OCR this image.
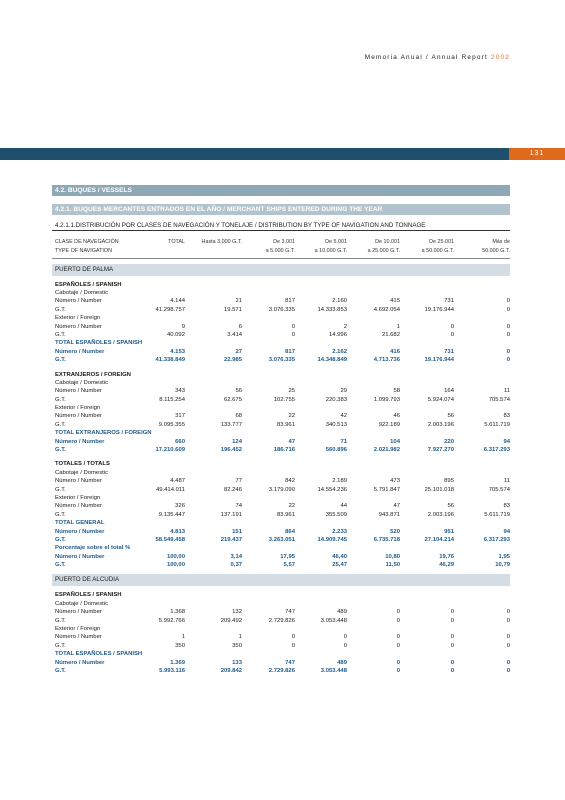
Memoria Anual / Annual Report 2002
131
4.2. BUQUES / VESSELS
4.2.1. BUQUES MERCANTES ENTRADOS EN EL AÑO / MERCHANT SHIPS ENTERED DURING THE YEAR
4.2.1.1.DISTRIBUCIÓN POR CLASES DE NAVEGACIÓN Y TONELAJE / DISTRIBUTION BY TYPE OF NAVIGATION AND TONNAGE
CLASE DE NAVEGACIÓN	TOTAL	Hasta 3.000 G.T.	De 3.001	De 5.001	De 10.001	De 25.001	Más de
TYPE OF NAVIGATION	a 5.000 G.T.	a 10.000 G.T.	a 25.000 G.T.	a 50.000 G.T.	50.000 G.T.
PUERTO DE PALMA
ESPAÑOLES / SPANISH
Cabotaje / Domestic
Número / Number	4.144	21	817	2.160	415	731	0
G.T.	41.298.757	19.571	3.076.335	14.333.853	4.692.054	19.176.944	0
Exterior / Foreign
Número / Number	9	6	0	2	1	0	0
G.T.	40.092	3.414	0	14.996	21.682	0	0
TOTAL ESPAÑOLES / SPANISH
Número / Number	4.153	27	817	2.162	416	731	0
G.T.	41.338.849	22.985	3.076.335	14.348.849	4.713.736	19.176.944	0
EXTRANJEROS / FOREIGN
Cabotaje / Domestic
Número / Number	343	56	25	29	58	164	11
G.T.	8.115.254	62.675	102.755	220.383	1.099.793	5.924.074	705.574
Exterior / Foreign
Número / Number	317	68	22	42	46	56	83
G.T.	9.095.355	133.777	83.961	340.513	922.189	2.003.196	5.611.719
TOTAL EXTRANJEROS / FOREIGN
Número / Number	660	124	47	71	104	220	94
G.T.	17.210.609	196.452	186.716	560.896	2.021.982	7.927.270	6.317.293
TOTALES / TOTALS
Cabotaje / Domestic
Número / Number	4.487	77	842	2.189	473	895	11
G.T.	49.414.011	82.246	3.179.090	14.554.236	5.791.847	25.101.018	705.574
Exterior / Foreign
Número / Number	326	74	22	44	47	56	83
G.T.	9.135.447	137.191	83.961	355.509	943.871	2.003.196	5.611.719
TOTAL GENERAL
Número / Number	4.813	151	864	2.233	520	951	94
G.T.	58.549.458	219.437	3.263.051	14.909.745	6.735.718	27.104.214	6.317.293
Porcentaje sobre el total %
Número / Number	100,00	3,14	17,95	46,40	10,80	19,76	1,95
G.T.	100,00	0,37	5,57	25,47	11,50	46,29	10,79
PUERTO DE ALCUDIA
ESPAÑOLES / SPANISH
Cabotaje / Domestic
Número / Number	1.368	132	747	489	0	0	0
G.T.	5.992.766	209.492	2.729.826	3.053.448	0	0	0
Exterior / Foreign
Número / Number	1	1	0	0	0	0	0
G.T.	350	350	0	0	0	0	0
TOTAL ESPAÑOLES / SPANISH
Número / Number	1.369	133	747	489	0	0	0
G.T.	5.993.116	209.842	2.729.826	3.053.448	0	0	0
